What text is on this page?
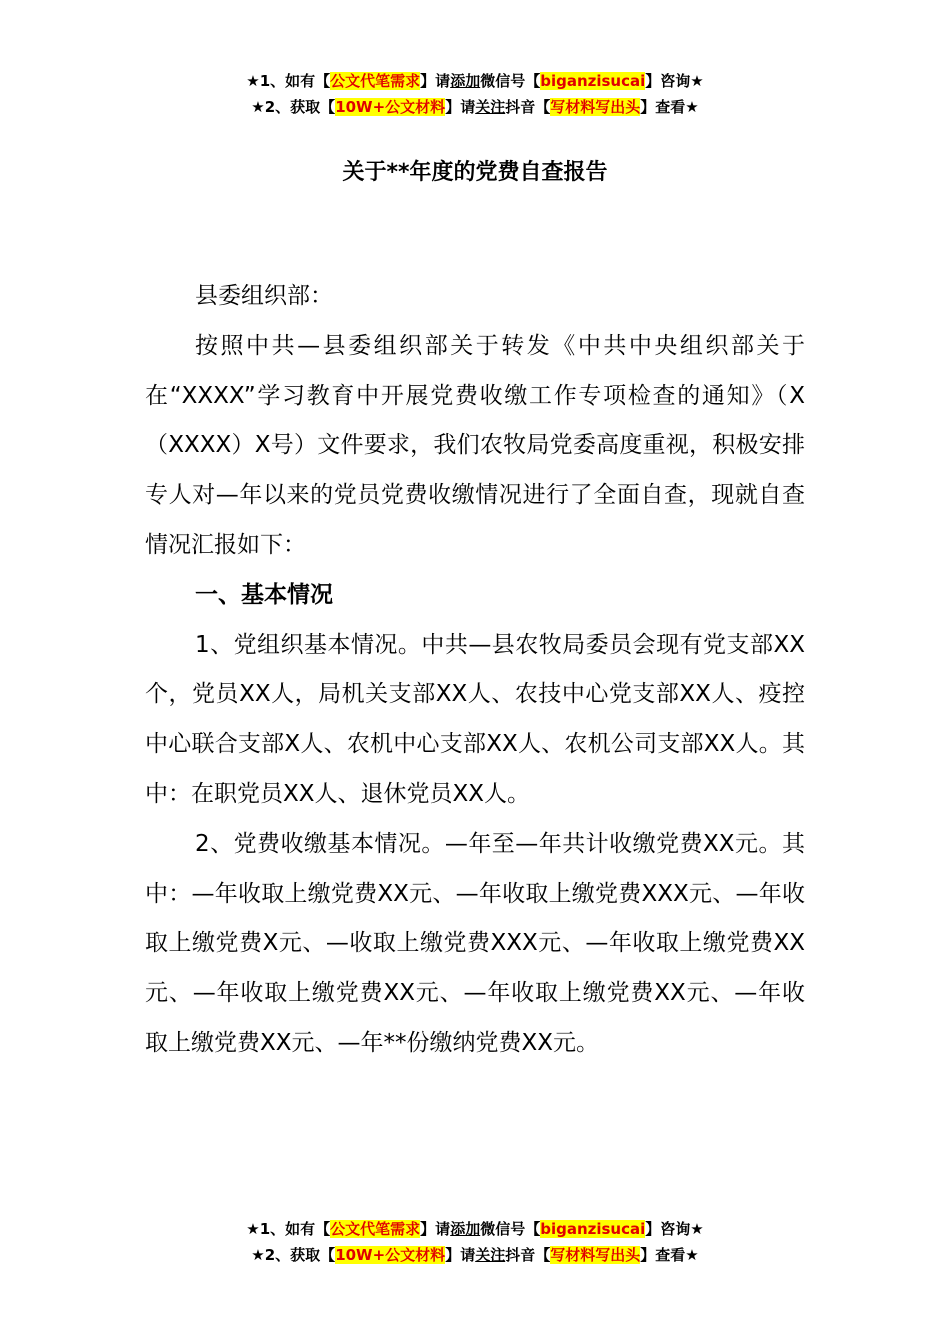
★1、如有【公文代笔需求】请添加微信号【biganzisucai】咨询★
★2、获取【10W+公文材料】请关注抖音【写材料写出头】查看★
关于**年度的党费自查报告

县委组织部：

按照中共—县委组织部关于转发《中共中央组织部关于在“XXXX”学习教育中开展党费收缴工作专项检查的通知》（X（XXXX）X号）文件要求，我们农牧局党委高度重视，积极安排专人对—年以来的党员党费收缴情况进行了全面自查，现就自查情况汇报如下：

一、基本情况

1、党组织基本情况。中共—县农牧局委员会现有党支部XX个，党员XX人，局机关支部XX人、农技中心党支部XX人、疫控中心联合支部X人、农机中心支部XX人、农机公司支部XX人。其中：在职党员XX人、退休党员XX人。

2、党费收缴基本情况。—年至—年共计收缴党费XX元。其中：—年收取上缴党费XX元、—年收取上缴党费XXX元、—年收取上缴党费X元、—收取上缴党费XXX元、—年收取上缴党费XX元、—年收取上缴党费XX元、—年收取上缴党费XX元、—年收取上缴党费XX元、—年**份缴纳党费XX元。

★1、如有【公文代笔需求】请添加微信号【biganzisucai】咨询★
★2、获取【10W+公文材料】请关注抖音【写材料写出头】查看★
